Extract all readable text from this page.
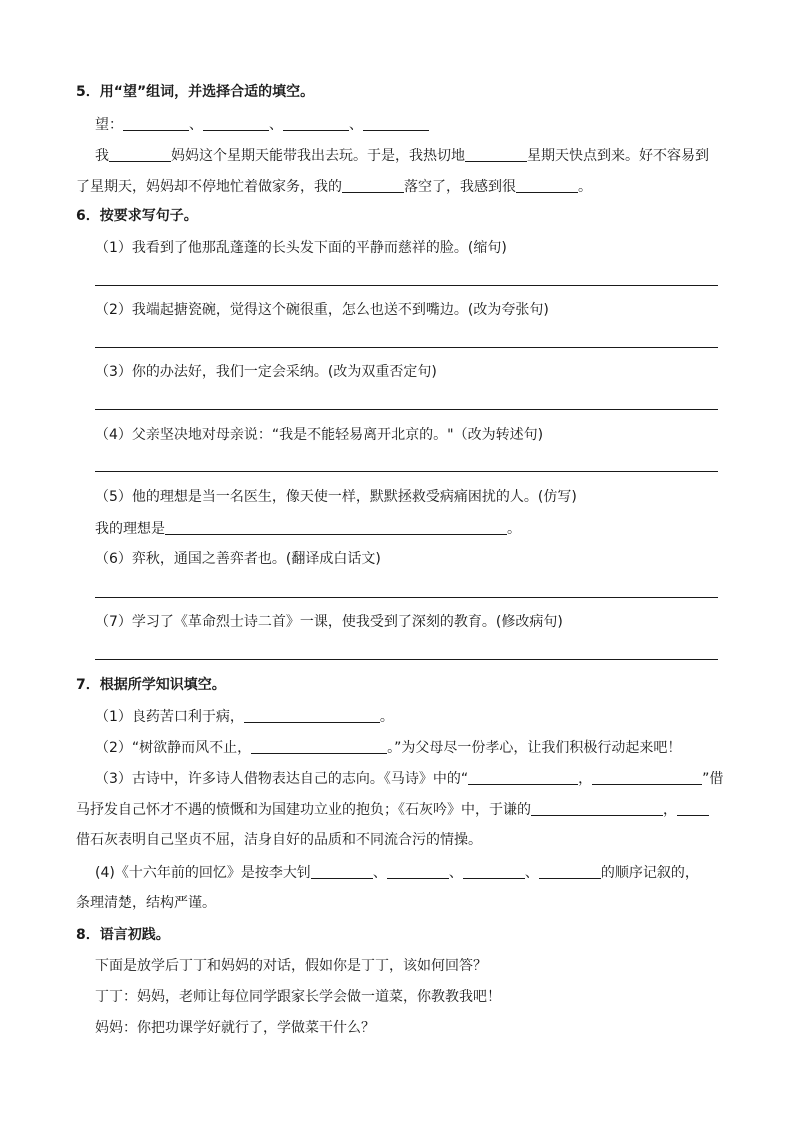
5．用“望”组词，并选择合适的填空。
望：	、	、	、
我	妈妈这个星期天能带我出去玩。于是，我热切地	星期天快点到来。好不容易到
了星期天，妈妈却不停地忙着做家务，我的	落空了，我感到很	。
6．按要求写句子。
（1）我看到了他那乱蓬蓬的长头发下面的平静而慈祥的脸。(缩句)
（2）我端起搪瓷碗，觉得这个碗很重，怎么也送不到嘴边。(改为夸张句)
（3）你的办法好，我们一定会采纳。(改为双重否定句)
（4）父亲坚决地对母亲说：“我是不能轻易离开北京的。"（改为转述句)
（5）他的理想是当一名医生，像天使一样，默默拯救受病痛困扰的人。(仿写)
我的理想是	。
（6）弈秋，通国之善弈者也。(翻译成白话文)
（7）学习了《革命烈士诗二首》一课，使我受到了深刻的教育。(修改病句)
7．根据所学知识填空。
（1）良药苦口利于病，	。
（2）“树欲静而风不止，	。”为父母尽一份孝心，让我们积极行动起来吧！
（3）古诗中，许多诗人借物表达自己的志向。《马诗》中的“	，	”借
马抒发自己怀才不遇的愤慨和为国建功立业的抱负；《石灰吟》中，于谦的	，
借石灰表明自己坚贞不屈，洁身自好的品质和不同流合污的情操。
(4)《十六年前的回忆》是按李大钊	、	、	、	的顺序记叙的，
条理清楚，结构严谨。
8．语言初践。
下面是放学后丁丁和妈妈的对话，假如你是丁丁，该如何回答？
丁丁：妈妈，老师让每位同学跟家长学会做一道菜，你教教我吧！
妈妈：你把功课学好就行了，学做菜干什么？
